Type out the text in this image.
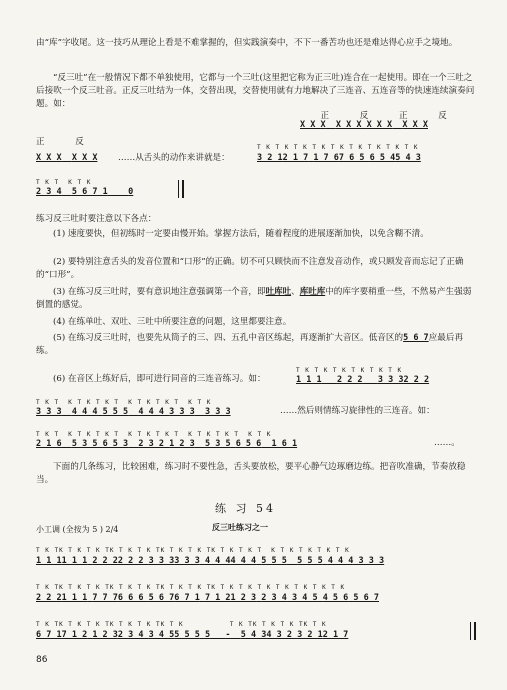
由“库”字收尾。这一技巧从理论上看是不难掌握的，但实践演奏中，不下一番苦功也还是难达得心应手之境地。

“反三吐”在一般情况下都不单独使用，它都与一个三吐(这里把它称为正三吐)连合在一起使用。即在一个三吐之后接吹一个反三吐音。正反三吐结为一体，交替出现，交替使用就有力地解决了三连音、五连音等的快速连续演奏问题。如：

正	反	正	反

X X X X X X X X X X X X
正	反
X X X X X X ……从舌头的动作来讲就是：

T K T K T K T K T K T K T K T K T K
3 2 12 1 7 1 7 67 6 5 6 5 45 4 3
T K T K T K
2 3 4 5 6 7 1 0

练习反三吐时要注意以下各点：

(1) 速度要快，但初练时一定要由慢开始。掌握方法后，随着程度的进展逐渐加快，以免含糊不清。

(2) 要特别注意舌头的发音位置和“口形”的正确。切不可只顾快而不注意发音动作，或只顾发音而忘记了正确的“口形”。

(3) 在练习反三吐时，要有意识地注意强调第一个音，即吐库吐、库吐库中的库字要稍重一些，不然易产生强弱倒置的感觉。

(4) 在练单吐、双吐、三吐中所要注意的问题，这里都要注意。

(5) 在练习反三吐时，也要先从筒子的三、四、五孔中音区练起，再逐渐扩大音区。低音区的5 6 7应最后再练。

(6) 在音区上练好后，即可进行同音的三连音练习。如：

T K T K T K T K T K T K
1 1 1 2 2 2 3 3 32 2 2
T K T K T K T K T K T K T K T K T K
3 3 3 4 4 4 5 5 5 4 4 4 3 3 3 3 3 3	……然后则情练习旋律性的三连音。如：

T K T K T K T K T K T K T K T K T K T K T K T K
2 1 6 5 3 5 6 5 3 2 3 2 1 2 3 5 3 5 6 5 6 1 6 1	……。

下面的几条练习，比较困难，练习时不要性急，舌头要放松，要平心静气边琢磨边练。把音吹准确，节奏放稳当。

练 习 54
小工调 (全按为 5 ) 2/4	反三吐练习之一
T K TK T K T K TK T K T K TK T K T K TK T K T K T K T K T K T K T K
1 1 11 1 1 2 2 22 2 2 3 3 33 3 3 4 4 44 4 4 5 5 5 5 5 5 4 4 4 3 3 3
T K TK T K T K TK T K T K TK T K T K TK T K T K T K T K T K T K T K
2 2 21 1 1 7 7 76 6 6 5 6 76 7 1 7 1 21 2 3 2 3 4 3 4 5 4 5 6 5 6 7
T K TK T K T K TK T K T K TK T K	T K TK T K T K TK T K
6 7 17 1 2 1 2 32 3 4 3 4 55 5 5 5 - 5 4 34 3 2 3 2 12 1 7
86
